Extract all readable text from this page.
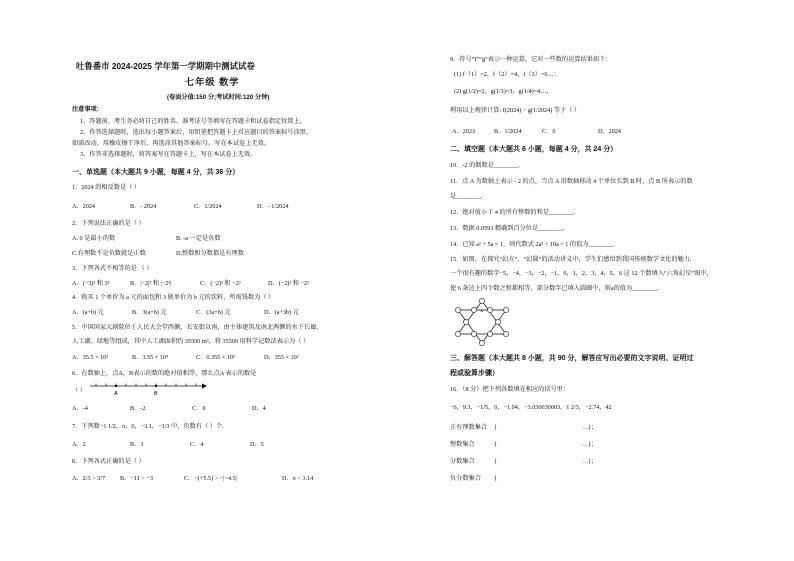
吐鲁番市 2024-2025 学年第一学期期中测试试卷
七年级 数学
(卷面分值:150 分;考试时间:120 分钟)
注意事项:
1、答题前，考生务必将自己的姓名、准考证号等填写在答题卡和试卷指定位置上。
2、作答选择题时，选出每小题答案后，用铅笔把答题卡上对应题目的答案标号涂黑。
如需改动，用橡皮擦干净后，再选涂其他答案标号。写在本试卷上无效。
3、作答非选择题时，将答案写在答题卡上，写在本试卷上无效。
一、单选题（本大题共 9 小题，每题 4 分，共 36 分）
1．2024 的相反数是（ ）
A．2024	B．- 2024	C．1/2024	D．- 1/2024
2．下列说法正确的是（ ）
A. 0 是最小的数	B. -a 一定是负数
C.有理数不是负数就是正数	D.整数和分数都是有理数
3．下列各式不相等的是 （ ）
A．(−3)² 和 3²	B．|−2|³ 和 |−2³|	C．(−2)³ 和 −2³	D．(−2)² 和 −2²
4．购买 1 个单价为 a 元的面包和 3 瓶单价为 b 元的饮料，所需钱数为（ ）
A．(a+b) 元	B．3(a+b) 元	C．(3a+b) 元	D．(a+3b) 元
5．中国国家大剧院位于人民大会堂西侧，长安街以南，由主体建筑及南北两侧的水下长廊、
人工湖、绿地等组成，其中人工湖面积约 35500 m²，将 35500 用科学记数法表示为（ ）
A．35.5 × 10³	B．3.55 × 10⁴	C．0.355 × 10⁵	D．355 × 10²
6．在数轴上，点A，B表示的数的绝对值相等，那么点A 表示的数是
（ ）	A	B
A．-4	B．-2	C．0	D．4
7．下列数−1 1/2，π，0，−3.1，−1/3 中，负数有（ ）个.
A．2	B．3	C．4	D．5
8．下列各式正确的是（ ）
A．2/3 > 3/7 B．−11 > −3	C．−(+5.5) > −|−4.5|	D．π < 3.14
9．符号“f”“g”表示一种运算，它对一些数的运算结果如下：
(1) f（1）=2，f（2）=4，f（3）=6…；
(2) g(1/2)=2，g(1/3)=3，g(1/4)=4…，
利用以上规律计算: f(2024) − g(1/2024) 等于（ ）
A．2023	B．1/2024	C．0	D．2024
二、填空题（本大题共 6 小题，每题 4 分，共 24 分）
10．-2 的倒数是________.
11．点 A 为数轴上表示 - 2 的点，当点 A 沿数轴移动 4 个单位长到 B 时，点 B 所表示的数
是________.
12．绝对值小于 4 的所有整数的和是________.
13．数据 0.0593 精确到百分位是________.
14．已知 a² + 5a = 1，则代数式 2a² + 10a + 1 的值为________.
15．如图，在探究“幻方”、“幻圆”的活动讲义中，学生们感悟到我国传统数学文化的魅力.
一个很有趣的数字−5，−4，−3，−2，−1，0，1，2，3，4，5，6 这 12 个数填入“六角幻星”图中，
使 6 条边上四个数之和都相等，部分数字已填入圆圈中，则a的值为________.
a
三、解答题（本大题共 8 小题，共 90 分，解答应写出必要的文字说明、证明过
程或验算步骤）
16．（8 分）把下列各数填在相应的括号里：
−6，9.3，−1/5，0，−1.04，−3.030030003，1 2/3，−2.74，42
正有理数集合 {	…}；
整数集合	{	…}；
分数集合	{	…}；
负分数集合 {
